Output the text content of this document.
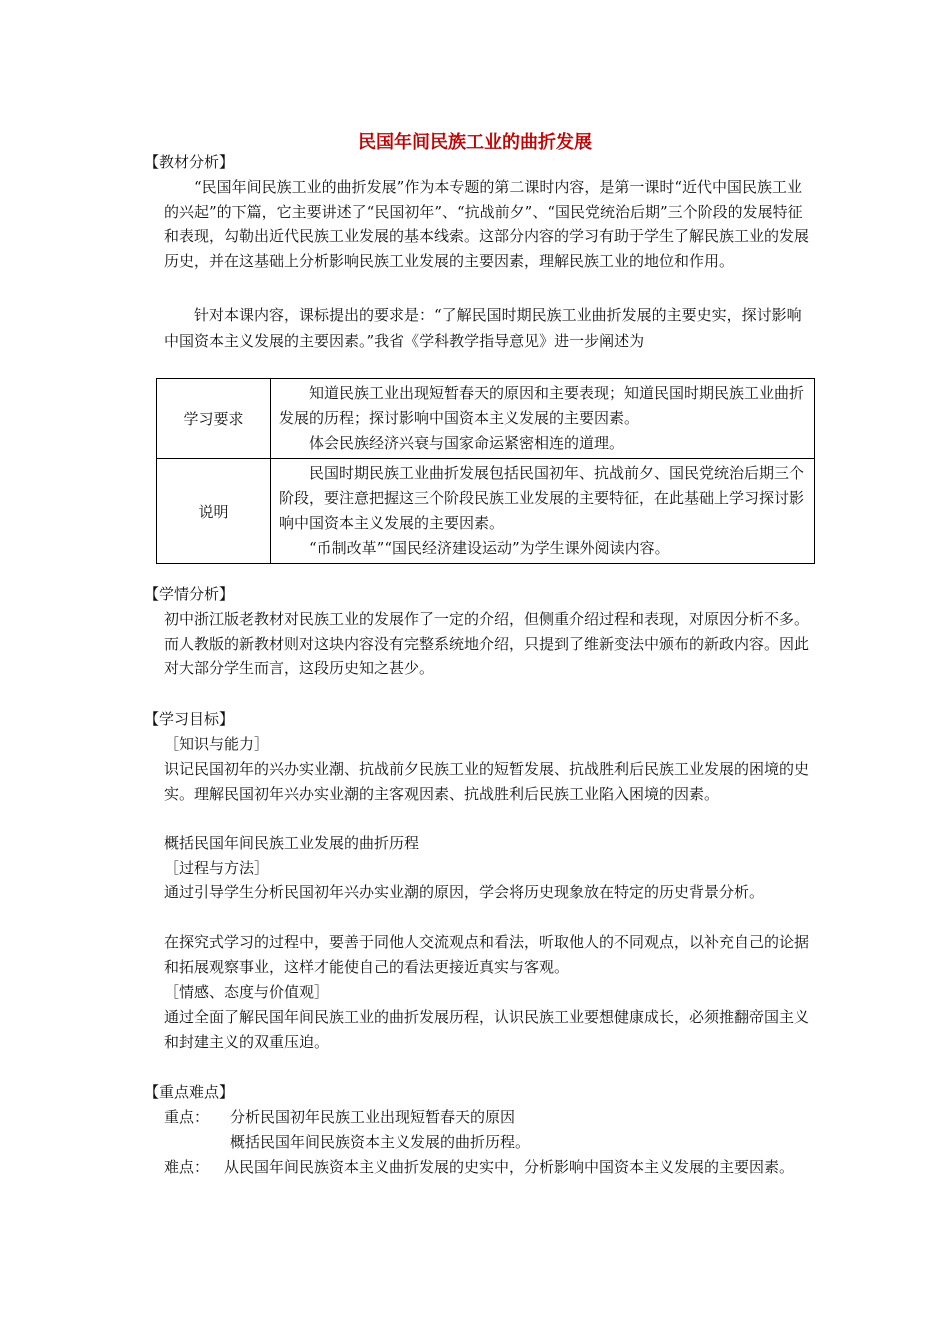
民国年间民族工业的曲折发展

【教材分析】

“民国年间民族工业的曲折发展”作为本专题的第二课时内容，是第一课时“近代中国民族工业的兴起”的下篇，它主要讲述了“民国初年”、“抗战前夕”、“国民党统治后期”三个阶段的发展特征和表现，勾勒出近代民族工业发展的基本线索。这部分内容的学习有助于学生了解民族工业的发展历史，并在这基础上分析影响民族工业发展的主要因素，理解民族工业的地位和作用。

针对本课内容，课标提出的要求是：“了解民国时期民族工业曲折发展的主要史实，探讨影响中国资本主义发展的主要因素。”我省《学科教学指导意见》进一步阐述为

学习要求	知道民族工业出现短暂春天的原因和主要表现；知道民国时期民族工业曲折发展的历程；探讨影响中国资本主义发展的主要因素。

体会民族经济兴衰与国家命运紧密相连的道理。

说明	民国时期民族工业曲折发展包括民国初年、抗战前夕、国民党统治后期三个阶段，要注意把握这三个阶段民族工业发展的主要特征，在此基础上学习探讨影响中国资本主义发展的主要因素。

“币制改革”“国民经济建设运动”为学生课外阅读内容。

【学情分析】

初中浙江版老教材对民族工业的发展作了一定的介绍，但侧重介绍过程和表现，对原因分析不多。而人教版的新教材则对这块内容没有完整系统地介绍，只提到了维新变法中颁布的新政内容。因此对大部分学生而言，这段历史知之甚少。

【学习目标】

［知识与能力］

识记民国初年的兴办实业潮、抗战前夕民族工业的短暂发展、抗战胜利后民族工业发展的困境的史实。理解民国初年兴办实业潮的主客观因素、抗战胜利后民族工业陷入困境的因素。

概括民国年间民族工业发展的曲折历程

［过程与方法］

通过引导学生分析民国初年兴办实业潮的原因，学会将历史现象放在特定的历史背景分析。

在探究式学习的过程中，要善于同他人交流观点和看法，听取他人的不同观点，以补充自己的论据和拓展观察事业，这样才能使自己的看法更接近真实与客观。

［情感、态度与价值观］

通过全面了解民国年间民族工业的曲折发展历程，认识民族工业要想健康成长，必须推翻帝国主义和封建主义的双重压迫。

【重点难点】

重点： 分析民国初年民族工业出现短暂春天的原因

概括民国年间民族资本主义发展的曲折历程。

难点： 从民国年间民族资本主义曲折发展的史实中，分析影响中国资本主义发展的主要因素。
